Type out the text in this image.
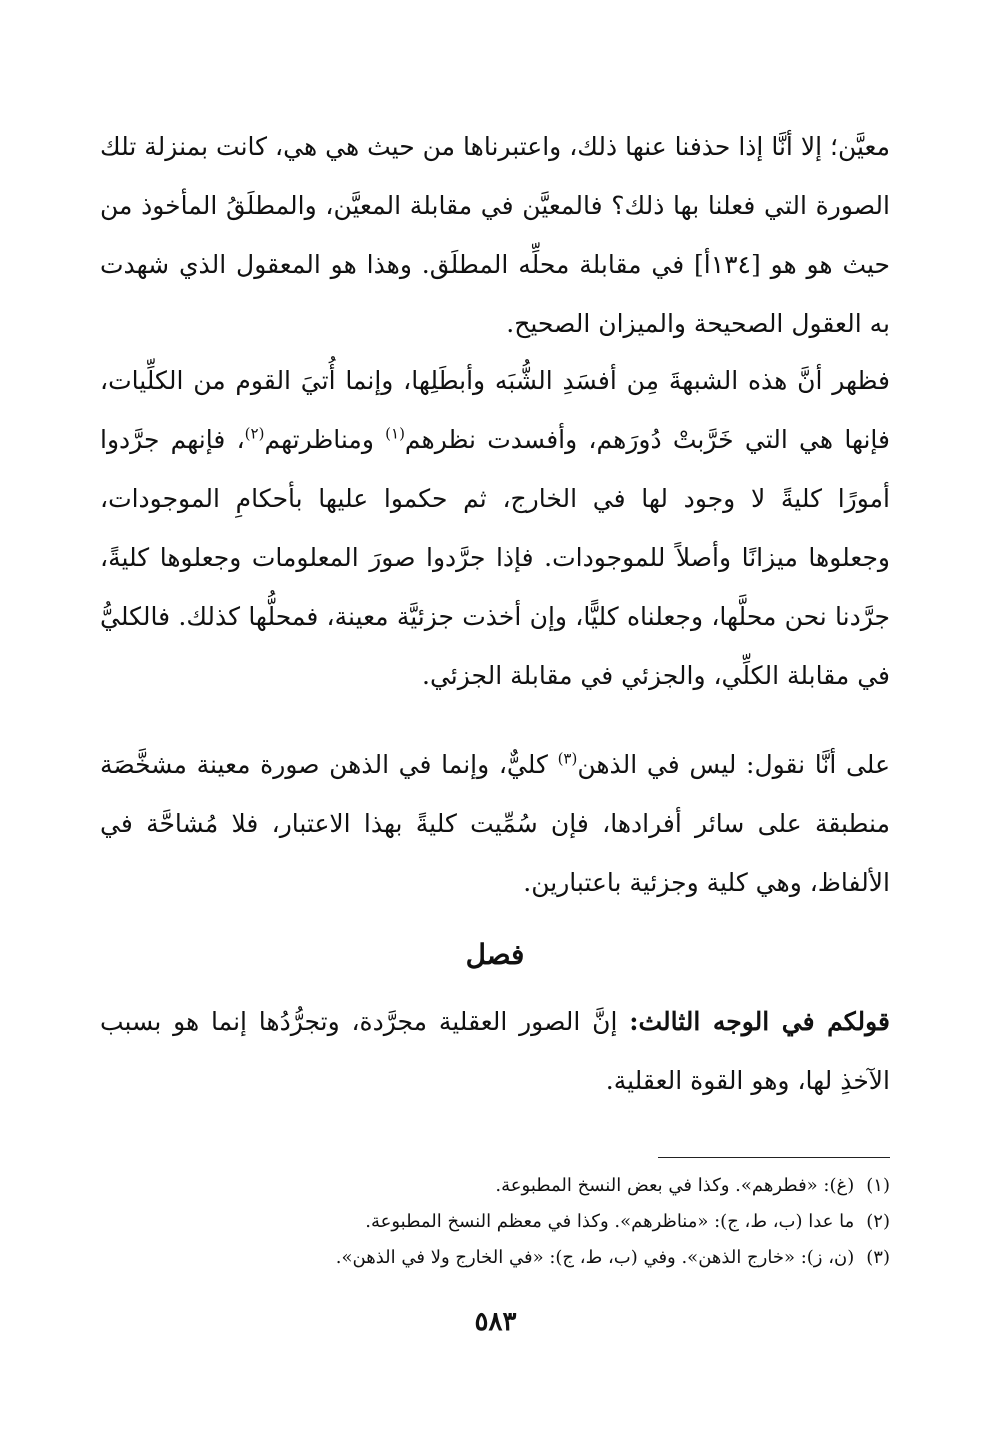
معيَّن؛ إلا أنَّا إذا حذفنا عنها ذلك، واعتبرناها من حيث هي هي، كانت بمنزلة تلك الصورة التي فعلنا بها ذلك؟ فالمعيَّن في مقابلة المعيَّن، والمطلَقُ المأخوذ من حيث هو هو [١٣٤أ] في مقابلة محلِّه المطلَق. وهذا هو المعقول الذي شهدت به العقول الصحيحة والميزان الصحيح.

فظهر أنَّ هذه الشبهةَ مِن أفسَدِ الشُّبَه وأبطَلِها، وإنما أُتيَ القوم من الكلِّيات، فإنها هي التي خَرَّبتْ دُورَهم، وأفسدت نظرهم$^{(١)}$ ومناظرتهم$^{(٢)}$، فإنهم جرَّدوا أمورًا كليةً لا وجود لها في الخارج، ثم حكموا عليها بأحكامِ الموجودات، وجعلوها ميزانًا وأصلاً للموجودات. فإذا جرَّدوا صورَ المعلومات وجعلوها كليةً، جرَّدنا نحن محلَّها، وجعلناه كليًّا، وإن أخذت جزئيَّة معينة، فمحلُّها كذلك. فالكليُّ في مقابلة الكلِّي، والجزئي في مقابلة الجزئي.

على أنَّا نقول: ليس في الذهن$^{(٣)}$ كليٌّ، وإنما في الذهن صورة معينة مشخَّصَة منطبقة على سائر أفرادها، فإن سُمِّيت كليةً بهذا الاعتبار، فلا مُشاحَّة في الألفاظ، وهي كلية وجزئية باعتبارين.

فصل

قولكم في الوجه الثالث: إنَّ الصور العقلية مجرَّدة، وتجرُّدُها إنما هو بسبب الآخذِ لها، وهو القوة العقلية.

(١)(غ): «فطرهم». وكذا في بعض النسخ المطبوعة.
(٢)ما عدا (ب، ط، ج): «مناظرهم». وكذا في معظم النسخ المطبوعة.
(٣)(ن، ز): «خارج الذهن». وفي (ب، ط، ج): «في الخارج ولا في الذهن».
٥٨٣
